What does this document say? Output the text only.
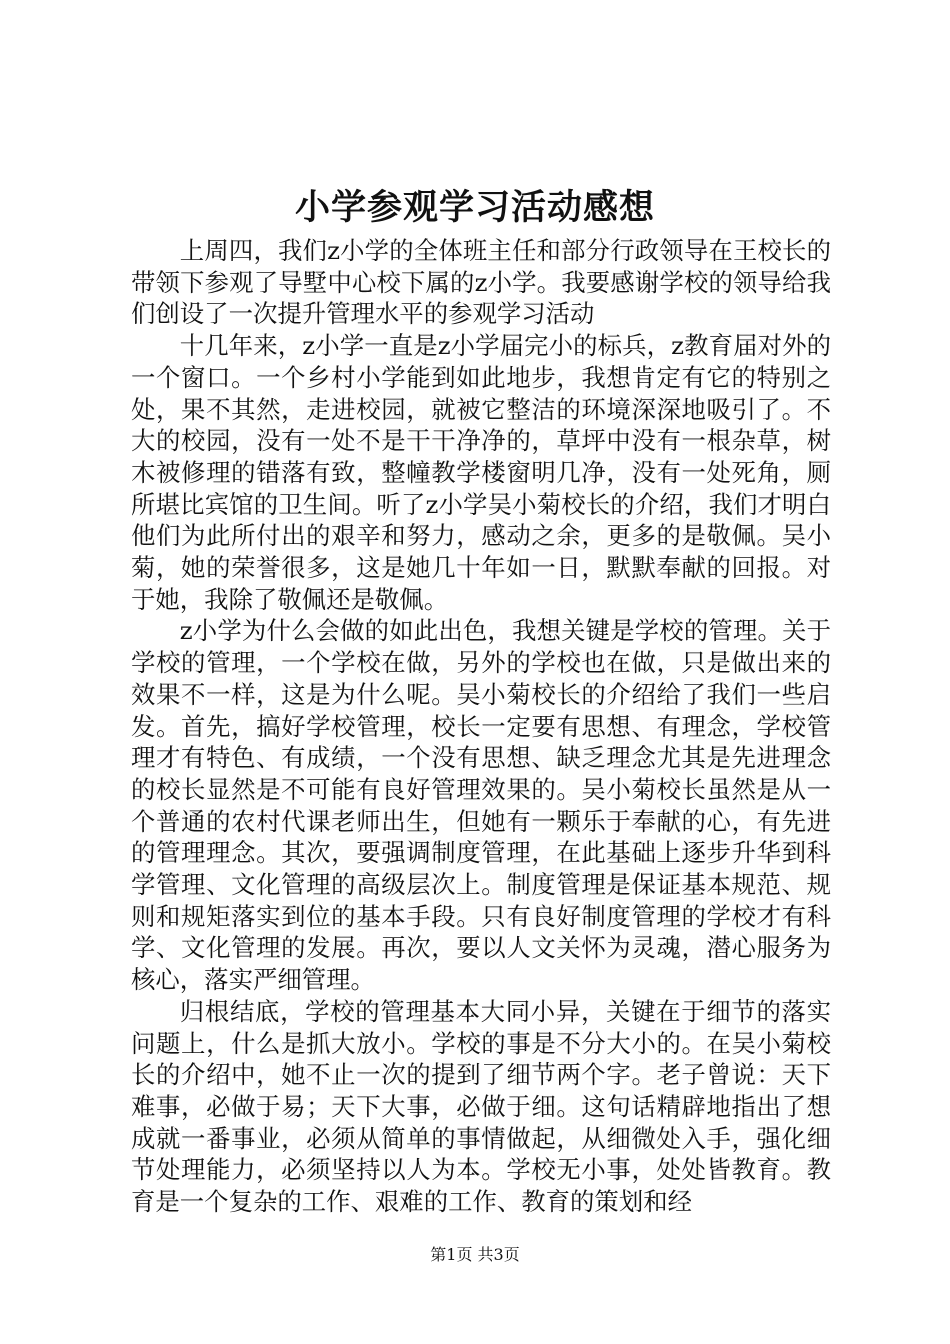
小学参观学习活动感想

上周四，我们z小学的全体班主任和部分行政领导在王校长的带领下参观了导墅中心校下属的z小学。我要感谢学校的领导给我们创设了一次提升管理水平的参观学习活动

十几年来，z小学一直是z小学届完小的标兵，z教育届对外的一个窗口。一个乡村小学能到如此地步，我想肯定有它的特别之处，果不其然，走进校园，就被它整洁的环境深深地吸引了。不大的校园，没有一处不是干干净净的，草坪中没有一根杂草，树木被修理的错落有致，整幢教学楼窗明几净，没有一处死角，厕所堪比宾馆的卫生间。听了z小学吴小菊校长的介绍，我们才明白他们为此所付出的艰辛和努力，感动之余，更多的是敬佩。吴小菊，她的荣誉很多，这是她几十年如一日，默默奉献的回报。对于她，我除了敬佩还是敬佩。

z小学为什么会做的如此出色，我想关键是学校的管理。关于学校的管理，一个学校在做，另外的学校也在做，只是做出来的效果不一样，这是为什么呢。吴小菊校长的介绍给了我们一些启发。首先，搞好学校管理，校长一定要有思想、有理念，学校管理才有特色、有成绩，一个没有思想、缺乏理念尤其是先进理念的校长显然是不可能有良好管理效果的。吴小菊校长虽然是从一个普通的农村代课老师出生，但她有一颗乐于奉献的心，有先进的管理理念。其次，要强调制度管理，在此基础上逐步升华到科学管理、文化管理的高级层次上。制度管理是保证基本规范、规则和规矩落实到位的基本手段。只有良好制度管理的学校才有科学、文化管理的发展。再次，要以人文关怀为灵魂，潜心服务为核心，落实严细管理。

归根结底，学校的管理基本大同小异，关键在于细节的落实问题上，什么是抓大放小。学校的事是不分大小的。在吴小菊校长的介绍中，她不止一次的提到了细节两个字。老子曾说：天下难事，必做于易；天下大事，必做于细。这句话精辟地指出了想成就一番事业，必须从简单的事情做起，从细微处入手，强化细节处理能力，必须坚持以人为本。学校无小事，处处皆教育。教育是一个复杂的工作、艰难的工作、教育的策划和经

第1页 共3页
